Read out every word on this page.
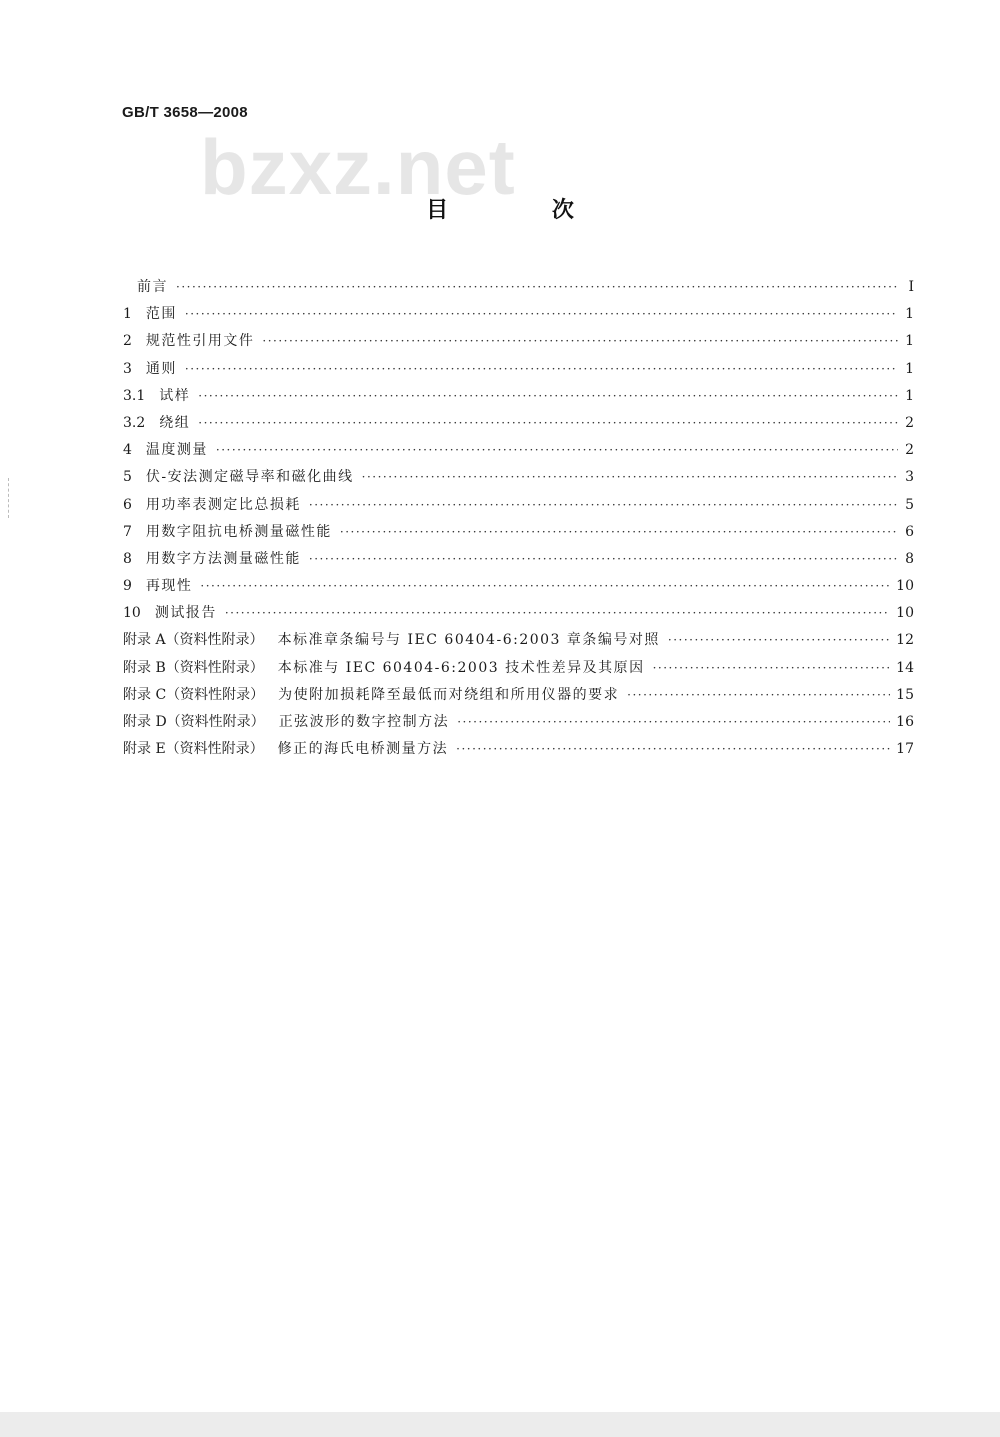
GB/T 3658—2008
bzxz.net
目 次
前言 ·····	I
1 范围 ·····	1
2 规范性引用文件 ·····	1
3 通则 ·····	1
3.1 试样 ·····	1
3.2 绕组 ·····	2
4 温度测量 ·····	2
5 伏-安法测定磁导率和磁化曲线 ·····	3
6 用功率表测定比总损耗 ·····	5
7 用数字阻抗电桥测量磁性能 ·····	6
8 用数字方法测量磁性能 ·····	8
9 再现性 ·····	10
10 测试报告 ·····	10
附录 A（资料性附录） 本标准章条编号与 IEC 60404-6:2003 章条编号对照 ·····	12
附录 B（资料性附录） 本标准与 IEC 60404-6:2003 技术性差异及其原因 ·····	14
附录 C（资料性附录） 为使附加损耗降至最低而对绕组和所用仪器的要求 ·····	15
附录 D（资料性附录） 正弦波形的数字控制方法 ·····	16
附录 E（资料性附录） 修正的海氏电桥测量方法 ·····	17
